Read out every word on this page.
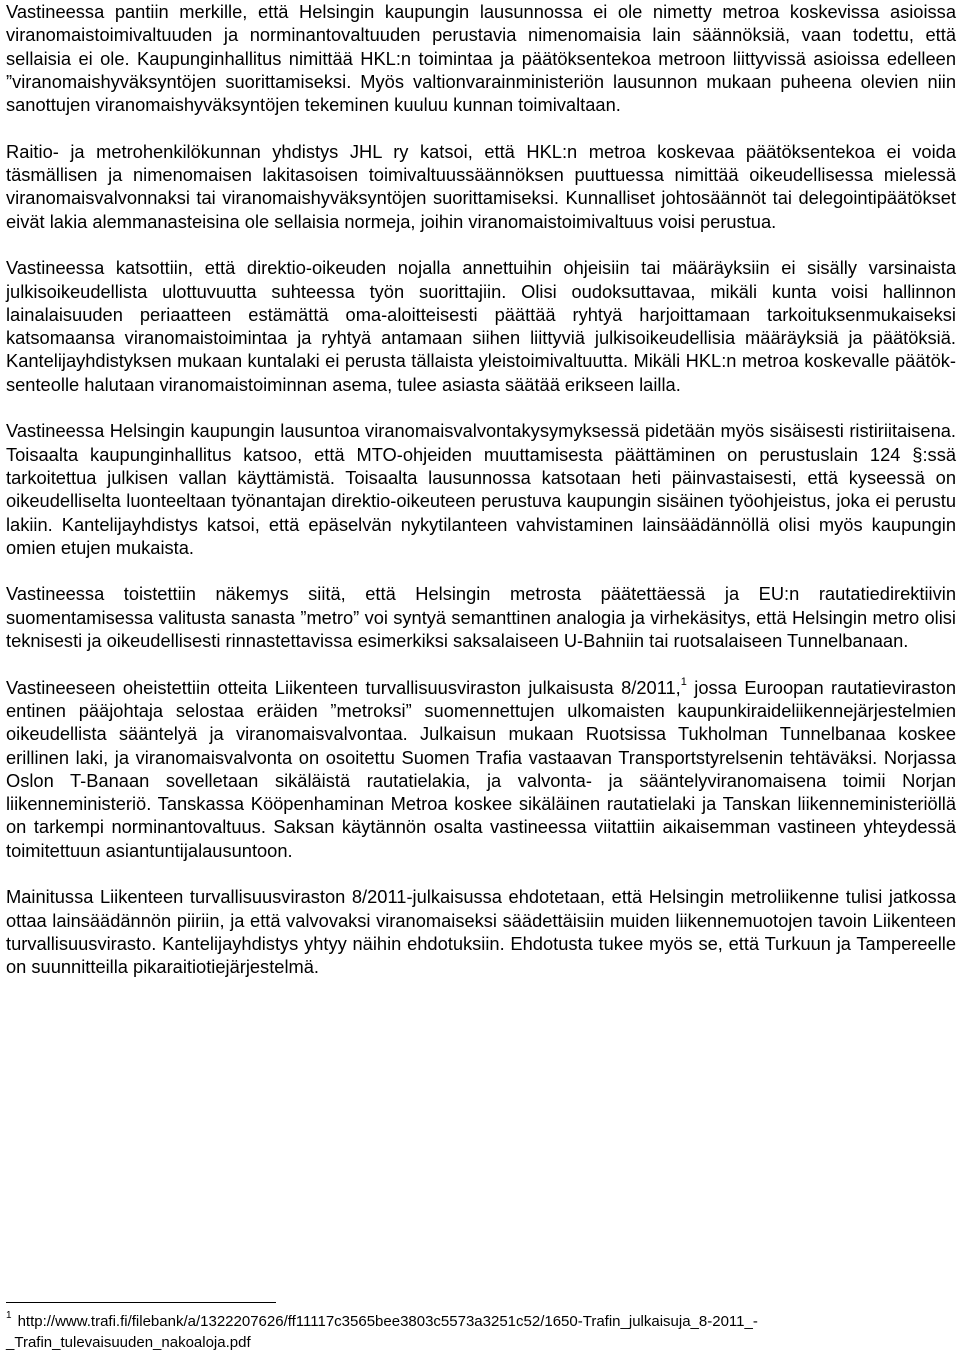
Vastineessa pantiin merkille, että Helsingin kaupungin lausunnossa ei ole nimetty metroa koskevissa asioissa viranomaistoimivaltuuden ja norminantovaltuuden perustavia nimenomaisia lain säännöksiä, vaan todettu, että sellaisia ei ole. Kaupunginhallitus nimittää HKL:n toimintaa ja päätöksentekoa metroon liittyvissä asioissa edelleen ”viranomaishyväksyntöjen suorittamiseksi. Myös valtionvarainministeriön lausunnon mukaan puheena olevien niin sanottujen viranomaishyväksyntöjen tekeminen kuuluu kunnan toimivaltaan.

Raitio- ja metrohenkilökunnan yhdistys JHL ry katsoi, että HKL:n metroa koskevaa päätöksentekoa ei voida täsmällisen ja nimenomaisen lakitasoisen toimivaltuussäännöksen puuttuessa nimittää oikeudellisessa mielessä viranomaisvalvonnaksi tai viranomaishyväksyntöjen suorittamiseksi. Kunnalliset johtosäännöt tai delegointipäätökset eivät lakia alemmanasteisina ole sellaisia normeja, joihin viranomaistoimivaltuus voisi perustua.

Vastineessa katsottiin, että direktio-oikeuden nojalla annettuihin ohjeisiin tai määräyksiin ei sisälly varsinaista julkisoikeudellista ulottuvuutta suhteessa työn suorittajiin. Olisi oudoksuttavaa, mikäli kunta voisi hallinnon lainalaisuuden periaatteen estämättä oma-aloitteisesti päättää ryhtyä harjoittamaan tarkoituksenmukaiseksi katsomaansa viranomaistoimintaa ja ryhtyä antamaan siihen liittyviä julkisoikeudellisia määräyksiä ja päätöksiä. Kantelijayhdistyksen mukaan kuntalaki ei perusta tällaista yleistoimivaltuutta. Mikäli HKL:n metroa koskevalle päätöksenteolle halutaan viranomaistoiminnan asema, tulee asiasta säätää erikseen lailla.

Vastineessa Helsingin kaupungin lausuntoa viranomaisvalvontakysymyksessä pidetään myös sisäisesti ristiriitaisena. Toisaalta kaupunginhallitus katsoo, että MTO-ohjeiden muuttamisesta päättäminen on perustuslain 124 §:ssä tarkoitettua julkisen vallan käyttämistä. Toisaalta lausunnossa katsotaan heti päinvastaisesti, että kyseessä on oikeudelliselta luonteeltaan työnantajan direktio-oikeuteen perustuva kaupungin sisäinen työohjeistus, joka ei perustu lakiin. Kantelijayhdistys katsoi, että epäselvän nykytilanteen vahvistaminen lainsäädännöllä olisi myös kaupungin omien etujen mukaista.

Vastineessa toistettiin näkemys siitä, että Helsingin metrosta päätettäessä ja EU:n rautatiedirektiivin suomentamisessa valitusta sanasta ”metro” voi syntyä semanttinen analogia ja virhekäsitys, että Helsingin metro olisi teknisesti ja oikeudellisesti rinnastettavissa esimerkiksi saksalaiseen U-Bahniin tai ruotsalaiseen Tunnelbanaan.

Vastineeseen oheistettiin otteita Liikenteen turvallisuusviraston julkaisusta 8/2011,$^1$ jossa Euroopan rautatieviraston entinen pääjohtaja selostaa eräiden ”metroksi” suomennettujen ulkomaisten kaupunkiraideliikennejärjestelmien oikeudellista sääntelyä ja viranomaisvalvontaa. Julkaisun mukaan Ruotsissa Tukholman Tunnelbanaa koskee erillinen laki, ja viranomaisvalvonta on osoitettu Suomen Trafia vastaavan Transportstyrelsenin tehtäväksi. Norjassa Oslon T-Banaan sovelletaan sikäläistä rautatielakia, ja valvonta- ja sääntelyviranomaisena toimii Norjan liikenneministeriö. Tanskassa Kööpenhaminan Metroa koskee sikäläinen rautatielaki ja Tanskan liikenneministeriöllä on tarkempi norminantovaltuus. Saksan käytännön osalta vastineessa viitattiin aikaisemman vastineen yhteydessä toimitettuun asiantuntijalausuntoon.

Mainitussa Liikenteen turvallisuusviraston 8/2011-julkaisussa ehdotetaan, että Helsingin metroliikenne tulisi jatkossa ottaa lainsäädännön piiriin, ja että valvovaksi viranomaiseksi säädettäisiin muiden liikennemuotojen tavoin Liikenteen turvallisuusvirasto. Kantelijayhdistys yhtyy näihin ehdotuksiin. Ehdotusta tukee myös se, että Turkuun ja Tampereelle on suunnitteilla pikaraitiotiejärjestelmä.

$^1$ http://www.trafi.fi/filebank/a/1322207626/ff11117c3565bee3803c5573a3251c52/1650-Trafin_julkaisuja_8-2011_-_Trafin_tulevaisuuden_nakoaloja.pdf
